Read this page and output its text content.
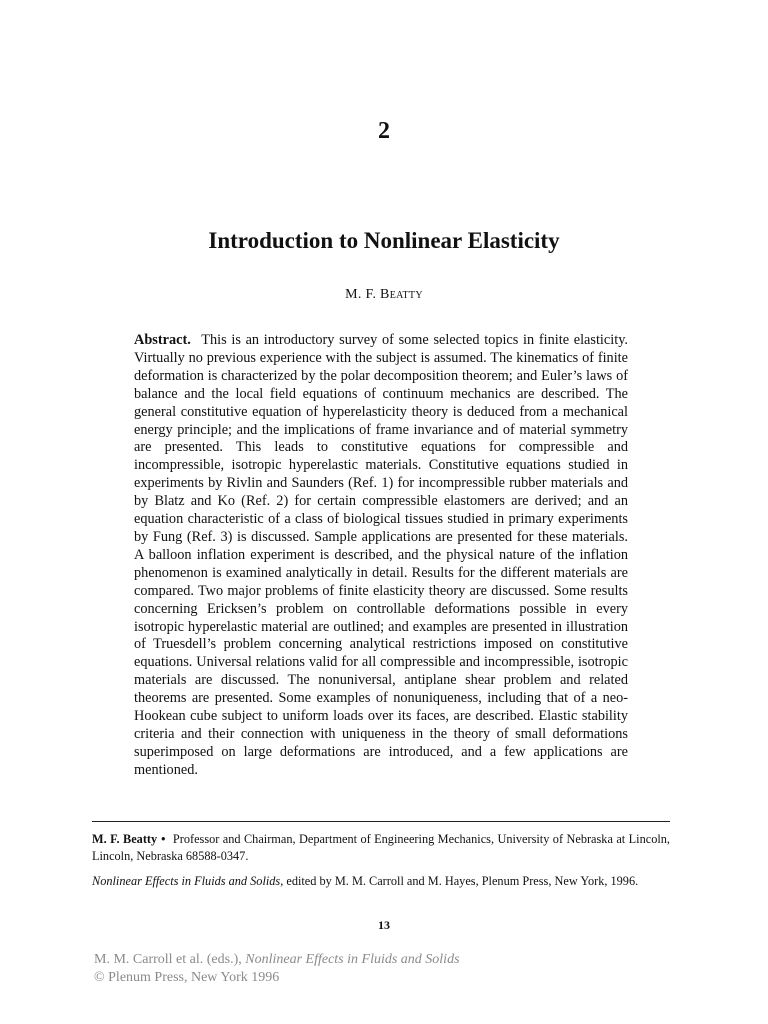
2
Introduction to Nonlinear Elasticity
M. F. Beatty
Abstract. This is an introductory survey of some selected topics in finite elasticity. Virtually no previous experience with the subject is assumed. The kinematics of finite deformation is characterized by the polar decomposition theorem; and Euler’s laws of balance and the local field equations of continuum mechanics are described. The general constitutive equation of hyperelasticity theory is deduced from a mechanical energy principle; and the implications of frame invariance and of material symmetry are presented. This leads to constitutive equations for compressible and incompressible, isotropic hyperelastic materials. Constitutive equations studied in experiments by Rivlin and Saunders (Ref. 1) for incompressible rubber materials and by Blatz and Ko (Ref. 2) for certain compressible elastomers are derived; and an equation characteristic of a class of biological tissues studied in primary experiments by Fung (Ref. 3) is discussed. Sample applications are presented for these materials. A balloon inflation experiment is described, and the physical nature of the inflation phenomenon is examined analytically in detail. Results for the different materials are compared. Two major problems of finite elasticity theory are discussed. Some results concerning Ericksen’s problem on controllable deformations possible in every isotropic hyperelastic material are outlined; and examples are presented in illustration of Truesdell’s problem concerning analytical restrictions imposed on constitutive equations. Universal relations valid for all compressible and incompressible, isotropic materials are discussed. The nonuniversal, antiplane shear problem and related theorems are presented. Some examples of nonuniqueness, including that of a neo-Hookean cube subject to uniform loads over its faces, are described. Elastic stability criteria and their connection with uniqueness in the theory of small deformations superimposed on large deformations are introduced, and a few applications are mentioned.
M. F. Beatty • Professor and Chairman, Department of Engineering Mechanics, University of Nebraska at Lincoln, Lincoln, Nebraska 68588-0347.
Nonlinear Effects in Fluids and Solids, edited by M. M. Carroll and M. Hayes, Plenum Press, New York, 1996.
13
M. M. Carroll et al. (eds.), Nonlinear Effects in Fluids and Solids
© Plenum Press, New York 1996
